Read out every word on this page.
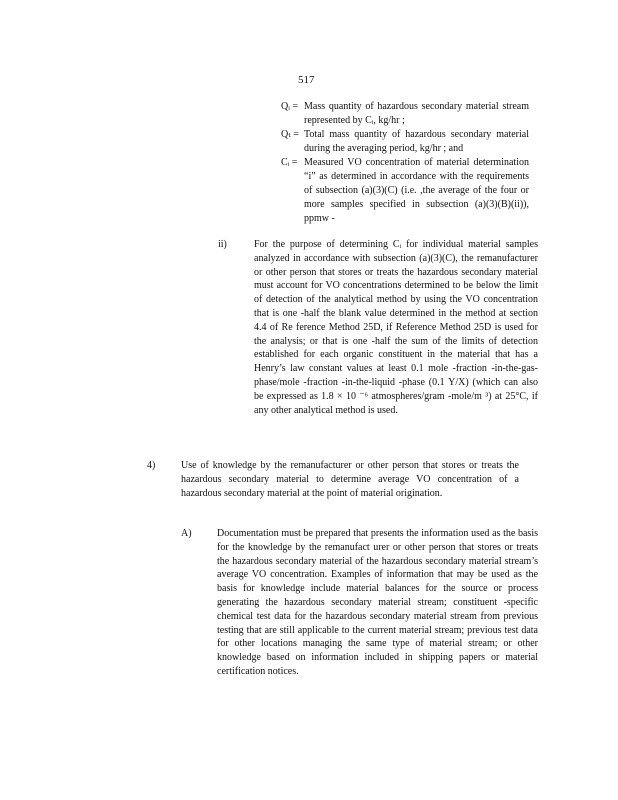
517
Qᵢ = Mass quantity of hazardous secondary material stream represented by Cᵢ, kg/hr ;
Qₜ = Total mass quantity of hazardous secondary material during the averaging period, kg/hr ; and
Cᵢ = Measured VO concentration of material determination “i” as determined in accordance with the requirements of subsection (a)(3)(C) (i.e. ,the average of the four or more samples specified in subsection (a)(3)(B)(ii)), ppmw -
ii)	For the purpose of determining Cᵢ for individual material samples analyzed in accordance with subsection (a)(3)(C), the remanufacturer or other person that stores or treats the hazardous secondary material must account for VO concentrations determined to be below the limit of detection of the analytical method by using the VO concentration that is one -half the blank value determined in the method at section 4.4 of Re ference Method 25D, if Reference Method 25D is used for the analysis; or that is one -half the sum of the limits of detection established for each organic constituent in the material that has a Henry’s law constant values at least 0.1 mole -fraction -in-the-gas-phase/mole -fraction -in-the-liquid -phase (0.1 Y/X) (which can also be expressed as 1.8 × 10 ⁻⁶ atmospheres/gram -mole/m ³) at 25°C, if any other analytical method is used.

4)	Use of knowledge by the remanufacturer or other person that stores or treats the hazardous secondary material to determine average VO concentration of a hazardous secondary material at the point of material origination.

A)	Documentation must be prepared that presents the information used as the basis for the knowledge by the remanufact urer or other person that stores or treats the hazardous secondary material of the hazardous secondary material stream’s average VO concentration. Examples of information that may be used as the basis for knowledge include material balances for the source or process generating the hazardous secondary material stream; constituent -specific chemical test data for the hazardous secondary material stream from previous testing that are still applicable to the current material stream; previous test data for other locations managing the same type of material stream; or other knowledge based on information included in shipping papers or material certification notices.
